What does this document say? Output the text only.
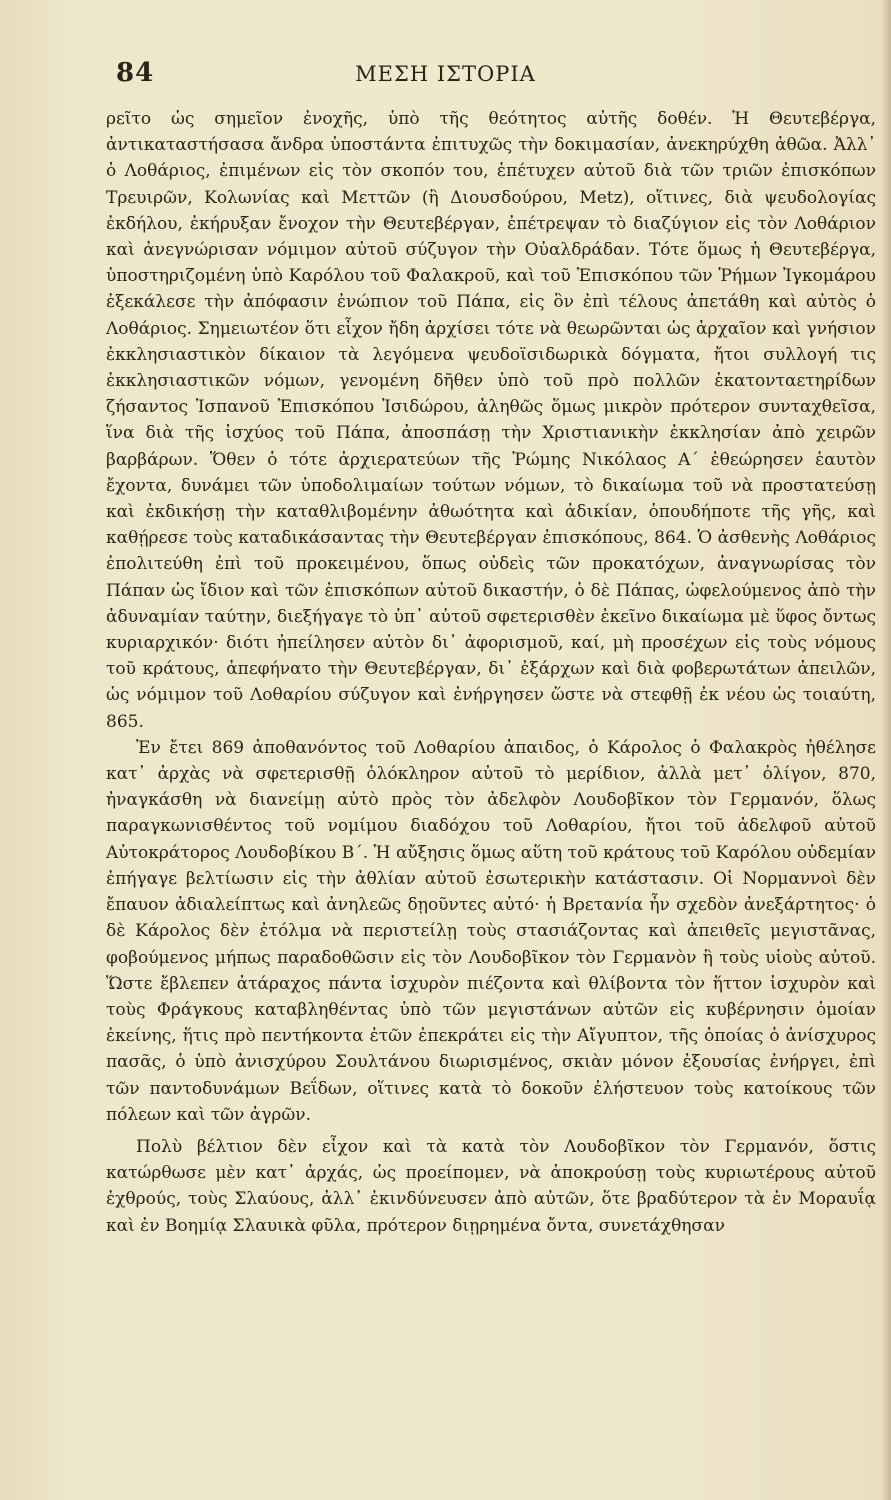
84	ΜΕΣΗ ΙΣΤΟΡΙΑ

ρεῖτο ὡς σημεῖον ἐνοχῆς, ὑπὸ τῆς θεότητος αὐτῆς δοθέν. Ἡ Θευτεβέργα, ἀντικαταστήσασα ἄνδρα ὑποστάντα ἐπιτυχῶς τὴν δοκιμασίαν, ἀνεκηρύχθη ἀθῶα. Ἀλλ᾽ ὁ Λοθάριος, ἐπιμένων εἰς τὸν σκοπόν του, ἐπέτυχεν αὐτοῦ διὰ τῶν τριῶν ἐπισκόπων Τρευιρῶν, Κολωνίας καὶ Μεττῶν (ἢ Διουσδούρου, Metz), οἵτινες, διὰ ψευδολογίας ἐκδήλου, ἐκήρυξαν ἔνοχον τὴν Θευτεβέργαν, ἐπέτρεψαν τὸ διαζύγιον εἰς τὸν Λοθάριον καὶ ἀνεγνώρισαν νόμιμον αὐτοῦ σύζυγον τὴν Οὐαλδράδαν. Τότε ὅμως ἡ Θευτεβέργα, ὑποστηριζομένη ὑπὸ Καρόλου τοῦ Φαλακροῦ, καὶ τοῦ Ἐπισκόπου τῶν Ῥήμων Ἰγκομάρου ἐξεκάλεσε τὴν ἀπόφασιν ἐνώπιον τοῦ Πάπα, εἰς ὃν ἐπὶ τέλους ἀπετάθη καὶ αὐτὸς ὁ Λοθάριος. Σημειωτέον ὅτι εἶχον ἤδη ἀρχίσει τότε νὰ θεωρῶνται ὡς ἀρχαῖον καὶ γνήσιον ἐκκλησιαστικὸν δίκαιον τὰ λεγόμενα ψευδοϊσιδωρικὰ δόγματα, ἤτοι συλλογή τις ἐκκλησιαστικῶν νόμων, γενομένη δῆθεν ὑπὸ τοῦ πρὸ πολλῶν ἑκατονταετηρίδων ζήσαντος Ἱσπανοῦ Ἐπισκόπου Ἰσιδώρου, ἀληθῶς ὅμως μικρὸν πρότερον συνταχθεῖσα, ἵνα διὰ τῆς ἰσχύος τοῦ Πάπα, ἀποσπάσῃ τὴν Χριστιανικὴν ἐκκλησίαν ἀπὸ χειρῶν βαρβάρων. Ὅθεν ὁ τότε ἀρχιερατεύων τῆς Ῥώμης Νικόλαος Α΄ ἐθεώρησεν ἑαυτὸν ἔχοντα, δυνάμει τῶν ὑποδολιμαίων τούτων νόμων, τὸ δικαίωμα τοῦ νὰ προστατεύσῃ καὶ ἐκδικήσῃ τὴν καταθλιβομένην ἀθωότητα καὶ ἀδικίαν, ὁπουδήποτε τῆς γῆς, καὶ καθῄρεσε τοὺς καταδικάσαντας τὴν Θευτεβέργαν ἐπισκόπους, 864. Ὁ ἀσθενὴς Λοθάριος ἐπολιτεύθη ἐπὶ τοῦ προκειμένου, ὅπως οὐδεὶς τῶν προκατόχων, ἀναγνωρίσας τὸν Πάπαν ὡς ἴδιον καὶ τῶν ἐπισκόπων αὐτοῦ δικαστήν, ὁ δὲ Πάπας, ὠφελούμενος ἀπὸ τὴν ἀδυναμίαν ταύτην, διεξήγαγε τὸ ὑπ᾽ αὐτοῦ σφετερισθὲν ἐκεῖνο δικαίωμα μὲ ὕφος ὄντως κυριαρχικόν· διότι ἠπείλησεν αὐτὸν δι᾽ ἀφορισμοῦ, καί, μὴ προσέχων εἰς τοὺς νόμους τοῦ κράτους, ἀπεφήνατο τὴν Θευτεβέργαν, δι᾽ ἐξάρχων καὶ διὰ φοβερωτάτων ἀπειλῶν, ὡς νόμιμον τοῦ Λοθαρίου σύζυγον καὶ ἐνήργησεν ὥστε νὰ στεφθῇ ἐκ νέου ὡς τοιαύτη, 865.

Ἐν ἔτει 869 ἀποθανόντος τοῦ Λοθαρίου ἀπαιδος, ὁ Κάρολος ὁ Φαλακρὸς ἠθέλησε κατ᾽ ἀρχὰς νὰ σφετερισθῇ ὁλόκληρον αὐτοῦ τὸ μερίδιον, ἀλλὰ μετ᾽ ὀλίγον, 870, ἠναγκάσθη νὰ διανείμῃ αὐτὸ πρὸς τὸν ἀδελφὸν Λουδοβῖκον τὸν Γερμανόν, ὅλως παραγκωνισθέντος τοῦ νομίμου διαδόχου τοῦ Λοθαρίου, ἤτοι τοῦ ἀδελφοῦ αὐτοῦ Αὐτοκράτορος Λουδοβίκου Β΄. Ἡ αὔξησις ὅμως αὕτη τοῦ κράτους τοῦ Καρόλου οὐδεμίαν ἐπήγαγε βελτίωσιν εἰς τὴν ἀθλίαν αὐτοῦ ἐσωτερικὴν κατάστασιν. Οἱ Νορμαννοὶ δὲν ἔπαυον ἀδιαλείπτως καὶ ἀνηλεῶς δῃοῦντες αὐτό· ἡ Βρετανία ἦν σχεδὸν ἀνεξάρτητος· ὁ δὲ Κάρολος δὲν ἐτόλμα νὰ περιστείλῃ τοὺς στασιάζοντας καὶ ἀπειθεῖς μεγιστᾶνας, φοβούμενος μήπως παραδοθῶσιν εἰς τὸν Λουδοβῖκον τὸν Γερμανὸν ἢ τοὺς υἱοὺς αὐτοῦ. Ὥστε ἔβλεπεν ἀτάραχος πάντα ἰσχυρὸν πιέζοντα καὶ θλίβοντα τὸν ἥττον ἰσχυρὸν καὶ τοὺς Φράγκους καταβληθέντας ὑπὸ τῶν μεγιστάνων αὐτῶν εἰς κυβέρνησιν ὁμοίαν ἐκείνης, ἥτις πρὸ πεντήκοντα ἐτῶν ἐπεκράτει εἰς τὴν Αἴγυπτον, τῆς ὁποίας ὁ ἀνίσχυρος πασᾶς, ὁ ὑπὸ ἀνισχύρου Σουλτάνου διωρισμένος, σκιὰν μόνον ἐξουσίας ἐνήργει, ἐπὶ τῶν παντοδυνάμων Βεΐδων, οἵτινες κατὰ τὸ δοκοῦν ἐλήστευον τοὺς κατοίκους τῶν πόλεων καὶ τῶν ἀγρῶν.

Πολὺ βέλτιον δὲν εἶχον καὶ τὰ κατὰ τὸν Λουδοβῖκον τὸν Γερμανόν, ὅστις κατώρθωσε μὲν κατ᾽ ἀρχάς, ὡς προείπομεν, νὰ ἀποκρούσῃ τοὺς κυριωτέρους αὐτοῦ ἐχθρούς, τοὺς Σλαύους, ἀλλ᾽ ἐκινδύνευσεν ἀπὸ αὐτῶν, ὅτε βραδύτερον τὰ ἐν Μοραυΐᾳ καὶ ἐν Βοημίᾳ Σλαυικὰ φῦλα, πρότερον διῃρημένα ὄντα, συνετάχθησαν
